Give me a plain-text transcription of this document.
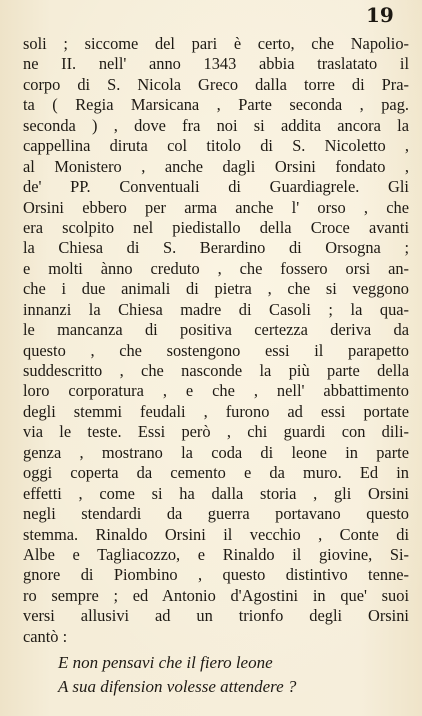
19
soli ; siccome del pari è certo, che Napolio-
ne II. nell' anno 1343 abbia traslatato il
corpo di S. Nicola Greco dalla torre di Pra-
ta ( Regia Marsicana , Parte seconda , pag.
seconda ) , dove fra noi si addita ancora la
cappellina diruta col titolo di S. Nicoletto ,
al Monistero , anche dagli Orsini fondato ,
de' PP. Conventuali di Guardiagrele. Gli
Orsini ebbero per arma anche l' orso , che
era scolpito nel piedistallo della Croce avanti
la Chiesa di S. Berardino di Orsogna ;
e molti ànno creduto , che fossero orsi an-
che i due animali di pietra , che si veggono
innanzi la Chiesa madre di Casoli ; la qua-
le mancanza di positiva certezza deriva da
questo , che sostengono essi il parapetto
suddescritto , che nasconde la più parte della
loro corporatura , e che , nell' abbattimento
degli stemmi feudali , furono ad essi portate
via le teste. Essi però , chi guardi con dili-
genza , mostrano la coda di leone in parte
oggi coperta da cemento e da muro. Ed in
effetti , come si ha dalla storia , gli Orsini
negli stendardi da guerra portavano questo
stemma. Rinaldo Orsini il vecchio , Conte di
Albe e Tagliacozzo, e Rinaldo il giovine, Si-
gnore di Piombino , questo distintivo tenne-
ro sempre ; ed Antonio d'Agostini in que' suoi
versi allusivi ad un trionfo degli Orsini
cantò :
E non pensavi che il fiero leone
A sua difension volesse attendere ?
